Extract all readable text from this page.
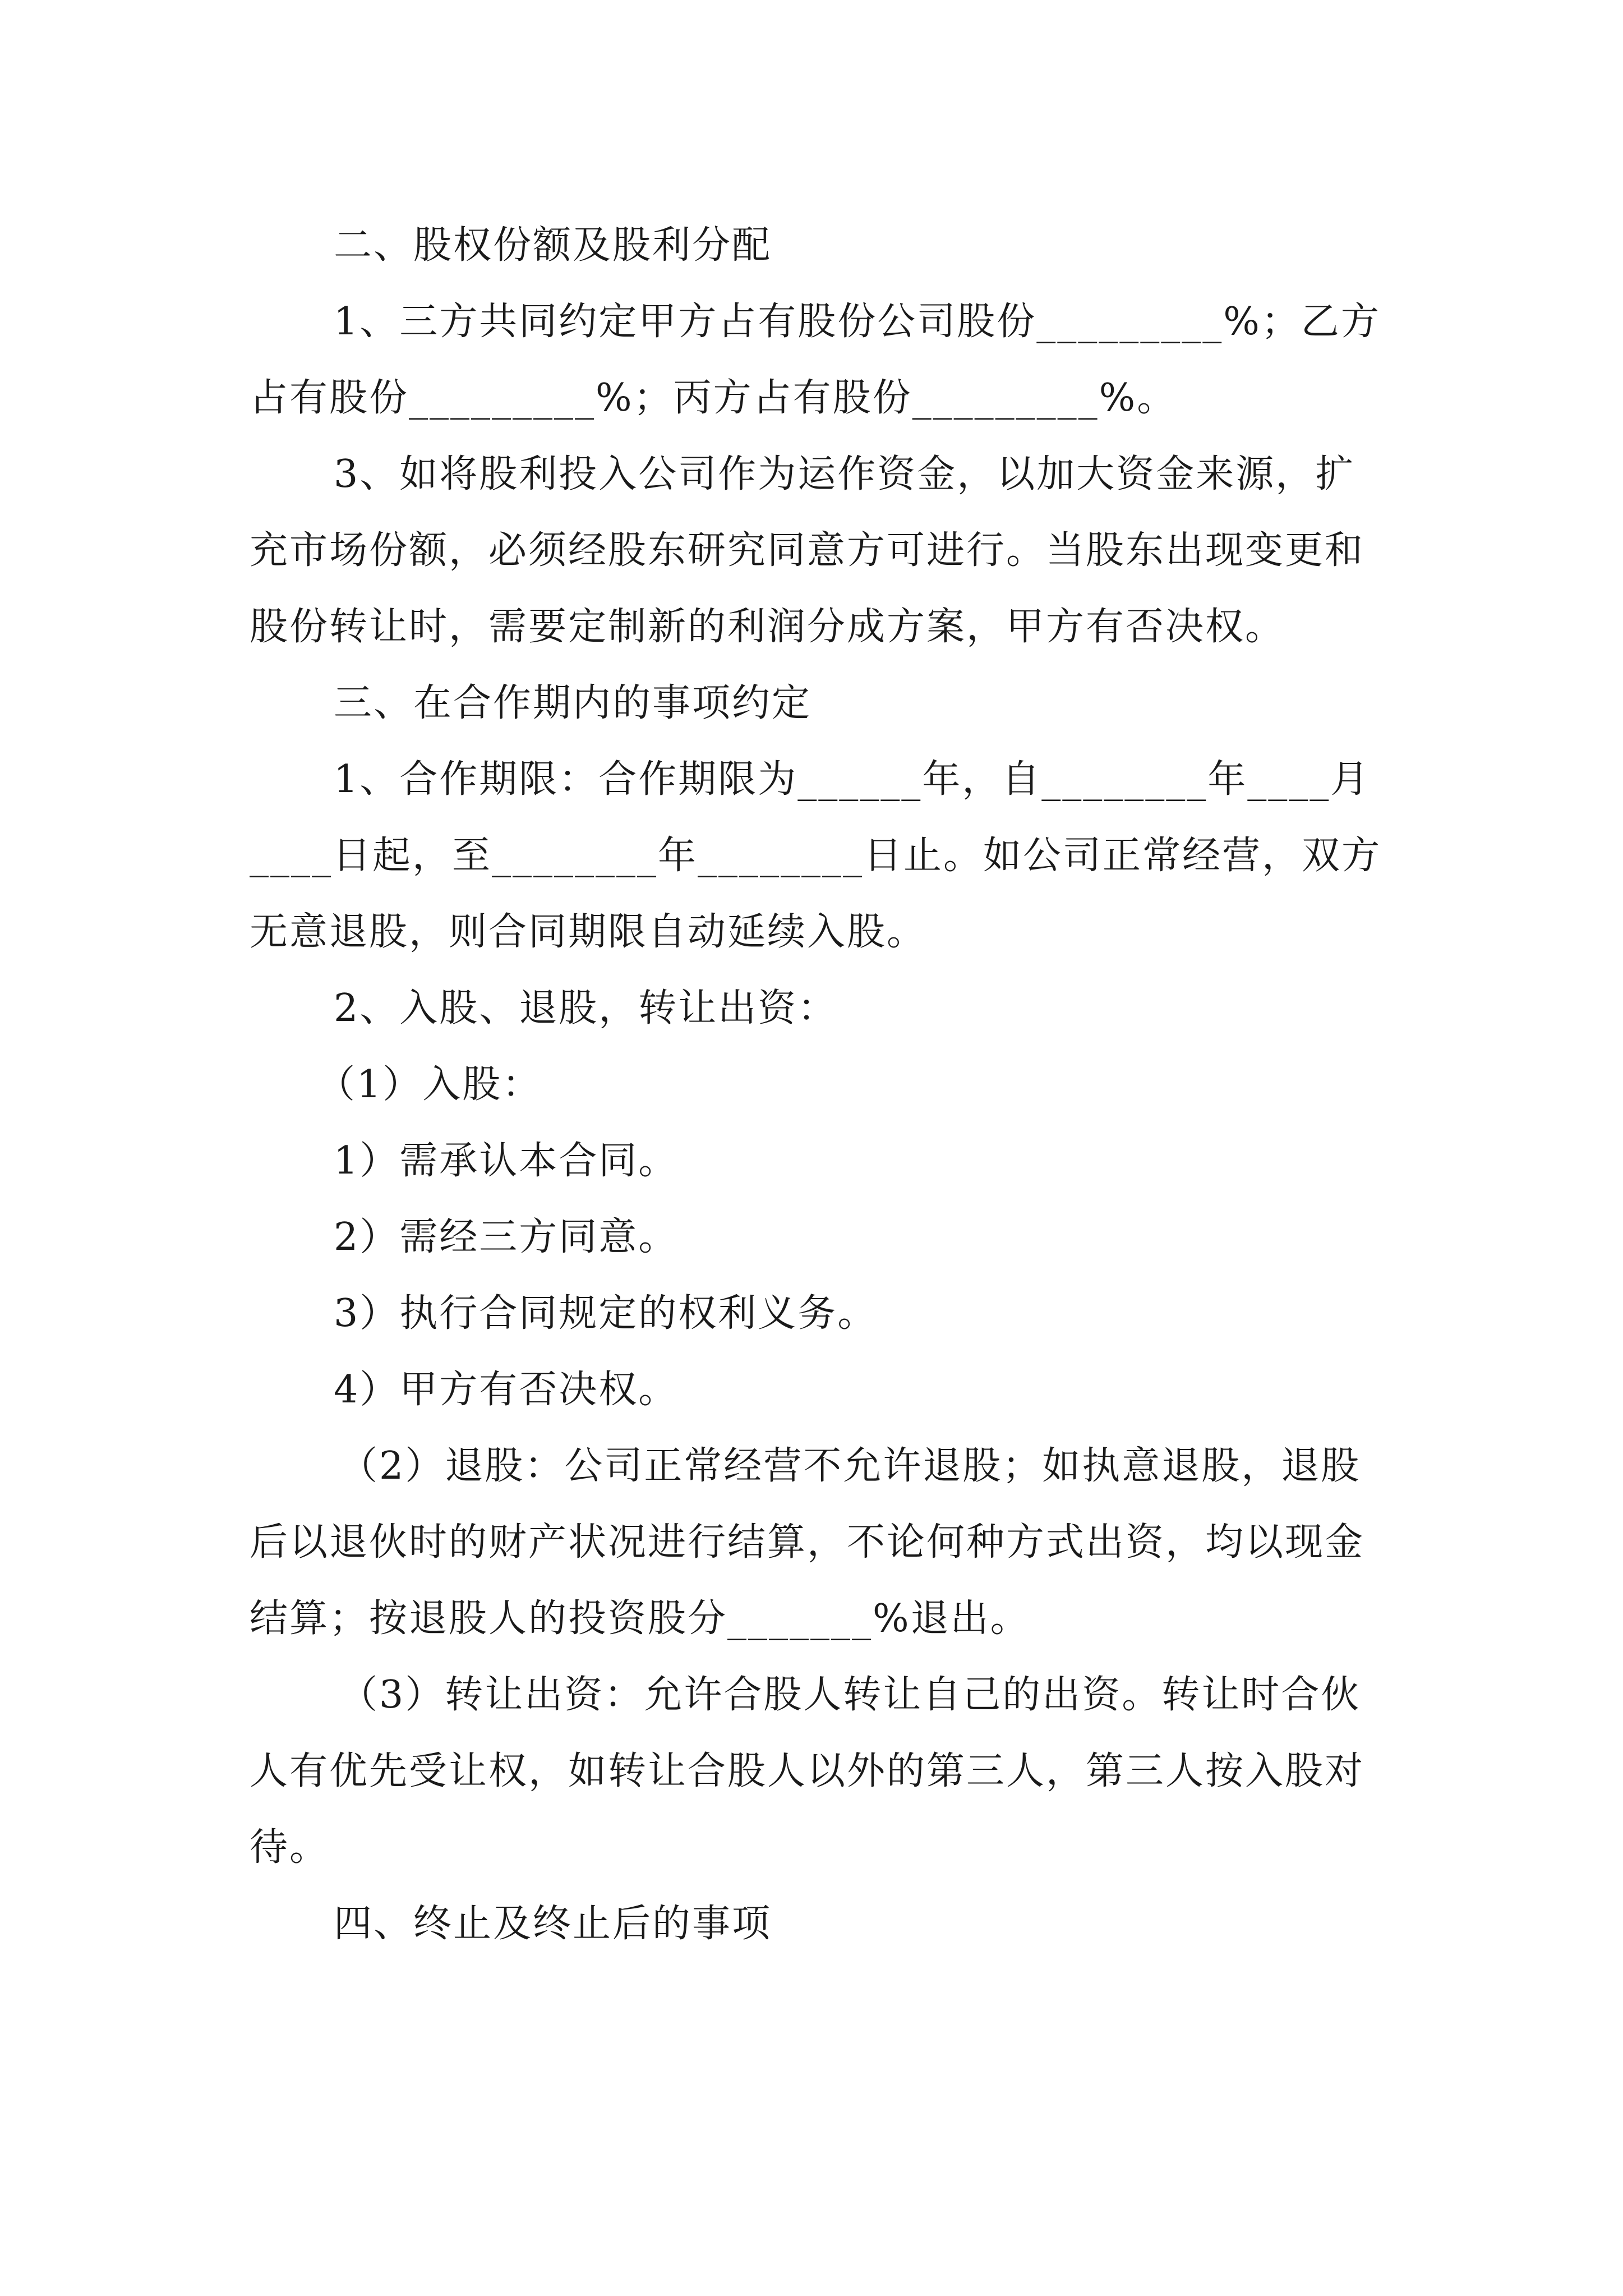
二、股权份额及股利分配

1、三方共同约定甲方占有股份公司股份_________%；乙方占有股份_________%；丙方占有股份_________%。

3、如将股利投入公司作为运作资金，以加大资金来源，扩充市场份额，必须经股东研究同意方可进行。当股东出现变更和股份转让时，需要定制新的利润分成方案，甲方有否决权。

三、在合作期内的事项约定

1、合作期限：合作期限为______年，自________年____月____日起，至________年________日止。如公司正常经营，双方无意退股，则合同期限自动延续入股。

2、入股、退股，转让出资：

（1）入股：

1）需承认本合同。

2）需经三方同意。

3）执行合同规定的权利义务。

4）甲方有否决权。

（2）退股：公司正常经营不允许退股；如执意退股，退股后以退伙时的财产状况进行结算，不论何种方式出资，均以现金结算；按退股人的投资股分_______%退出。

（3）转让出资：允许合股人转让自己的出资。转让时合伙人有优先受让权，如转让合股人以外的第三人，第三人按入股对待。

四、终止及终止后的事项
